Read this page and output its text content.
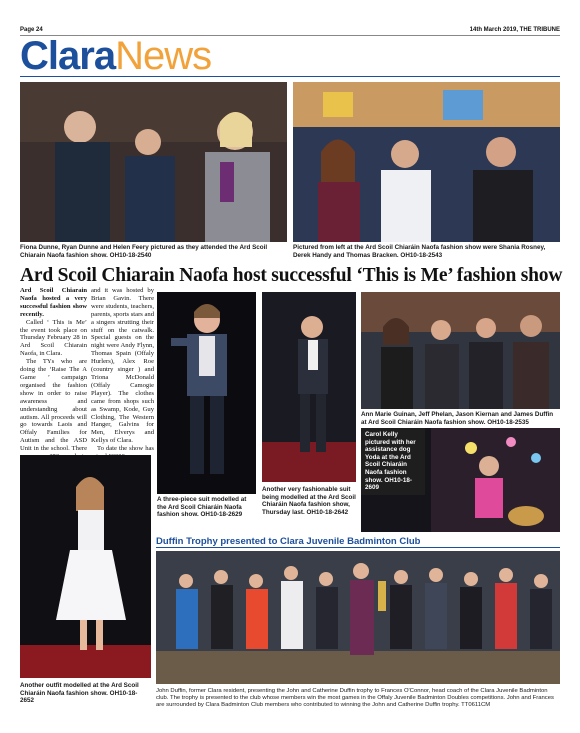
Page 24	14th March 2019, THE TRIBUNE
ClaraNews
Fiona Dunne, Ryan Dunne and Helen Feery pictured as they attended the Ard Scoil Chiarain Naofa fashion show. OH10-18-2540
Pictured from left at the Ard Scoil Chiaráin Naofa fashion show were Shania Rosney, Derek Handy and Thomas Bracken. OH10-18-2543
Ard Scoil Chiarain Naofa host successful ‘This is Me’ fashion show

Ard Scoil Chiarain Naofa hosted a very successful fashion show recently.

Called ‘ This is Me’ the event took place on Thursday February 28 in Ard Scoil Chiarain Naofa, in Clara.

The TYs who are doing the ‘Raise The A Game ’ campaign organised the fashion show in order to raise awareness and understanding about autism. All proceeds will go towards Laois and Offaly Families for Autism and the ASD Unit in the school. There

and it was hosted by Brian Gavin. There were students, teachers, parents, sports stars and a singers strutting their stuff on the catwalk. Special guests on the night were Andy Flynn, Thomas Spain (Offaly Hurlers), Alex Roe (country singer ) and Triona McDonald (Offaly Camogie Player). The clothes came from shops such as Swamp, Kode, Guy Clothing, The Western Hanger, Galvins for Men, Elverys and Kellys of Clara.

To date the show has

A three-piece suit modelled at the Ard Scoil Chiaráin Naofa fashion show. OH10-18-2629
Another very fashionable suit being modelled at the Ard Scoil Chiaráin Naofa fashion show, Thursday last. OH10-18-2642
Ann Marie Guinan, Jeff Phelan, Jason Kiernan and James Duffin at Ard Scoil Chiaráin Naofa fashion show. OH10-18-2535
Carol Kelly pictured with her assistance dog Yoda at the Ard Scoil Chiaráin Naofa fashion show. OH10-18-2609
Another outfit modelled at the Ard Scoil Chiaráin Naofa fashion show. OH10-18-2652
Duffin Trophy presented to Clara Juvenile Badminton Club
John Duffin, former Clara resident, presenting the John and Catherine Duffin trophy to Frances O'Connor, head coach of the Clara Juvenile Badminton club. The trophy is presented to the club whose members win the most games in the Offaly Juvenile Badminton Doubles competitions. John and Frances are surrounded by Clara Badminton Club members who contributed to winning the John and Catherine Duffin trophy. TT0611CM
